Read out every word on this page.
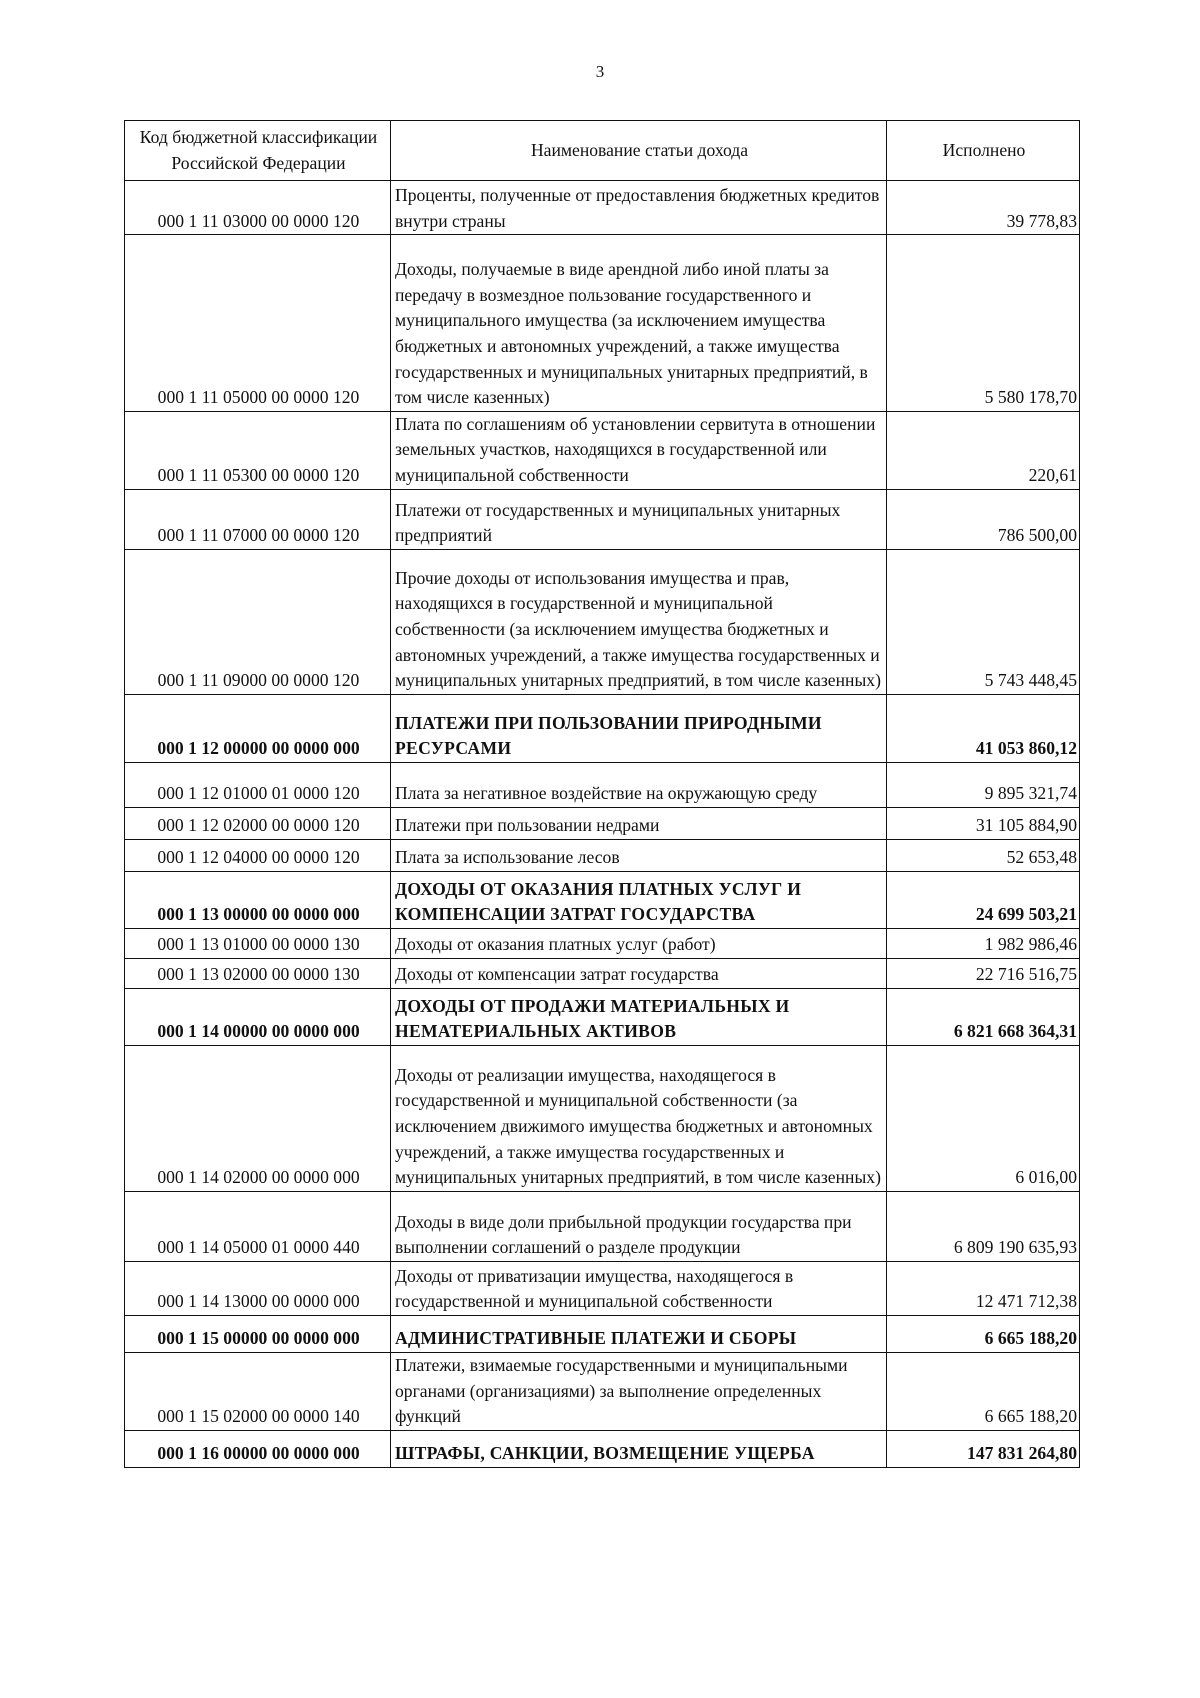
3
Код бюджетной классификации Российской Федерации	Наименование статьи дохода	Исполнено
000 1 11 03000 00 0000 120	Проценты, полученные от предоставления бюджетных кредитов внутри страны	39 778,83
000 1 11 05000 00 0000 120	Доходы, получаемые в виде арендной либо иной платы за передачу в возмездное пользование государственного и муниципального имущества (за исключением имущества бюджетных и автономных учреждений, а также имущества государственных и муниципальных унитарных предприятий, в том числе казенных)	5 580 178,70
000 1 11 05300 00 0000 120	Плата по соглашениям об установлении сервитута в отношении земельных участков, находящихся в государственной или муниципальной собственности	220,61
000 1 11 07000 00 0000 120	Платежи от государственных и муниципальных унитарных предприятий	786 500,00
000 1 11 09000 00 0000 120	Прочие доходы от использования имущества и прав, находящихся в государственной и муниципальной собственности (за исключением имущества бюджетных и автономных учреждений, а также имущества государственных и муниципальных унитарных предприятий, в том числе казенных)	5 743 448,45
000 1 12 00000 00 0000 000	ПЛАТЕЖИ ПРИ ПОЛЬЗОВАНИИ ПРИРОДНЫМИ РЕСУРСАМИ	41 053 860,12
000 1 12 01000 01 0000 120	Плата за негативное воздействие на окружающую среду	9 895 321,74
000 1 12 02000 00 0000 120	Платежи при пользовании недрами	31 105 884,90
000 1 12 04000 00 0000 120	Плата за использование лесов	52 653,48
000 1 13 00000 00 0000 000	ДОХОДЫ ОТ ОКАЗАНИЯ ПЛАТНЫХ УСЛУГ И КОМПЕНСАЦИИ ЗАТРАТ ГОСУДАРСТВА	24 699 503,21
000 1 13 01000 00 0000 130	Доходы от оказания платных услуг (работ)	1 982 986,46
000 1 13 02000 00 0000 130	Доходы от компенсации затрат государства	22 716 516,75
000 1 14 00000 00 0000 000	ДОХОДЫ ОТ ПРОДАЖИ МАТЕРИАЛЬНЫХ И НЕМАТЕРИАЛЬНЫХ АКТИВОВ	6 821 668 364,31
000 1 14 02000 00 0000 000	Доходы от реализации имущества, находящегося в государственной и муниципальной собственности (за исключением движимого имущества бюджетных и автономных учреждений, а также имущества государственных и муниципальных унитарных предприятий, в том числе казенных)	6 016,00
000 1 14 05000 01 0000 440	Доходы в виде доли прибыльной продукции государства при выполнении соглашений о разделе продукции	6 809 190 635,93
000 1 14 13000 00 0000 000	Доходы от приватизации имущества, находящегося в государственной и муниципальной собственности	12 471 712,38
000 1 15 00000 00 0000 000	АДМИНИСТРАТИВНЫЕ ПЛАТЕЖИ И СБОРЫ	6 665 188,20
000 1 15 02000 00 0000 140	Платежи, взимаемые государственными и муниципальными органами (организациями) за выполнение определенных функций	6 665 188,20
000 1 16 00000 00 0000 000	ШТРАФЫ, САНКЦИИ, ВОЗМЕЩЕНИЕ УЩЕРБА	147 831 264,80
